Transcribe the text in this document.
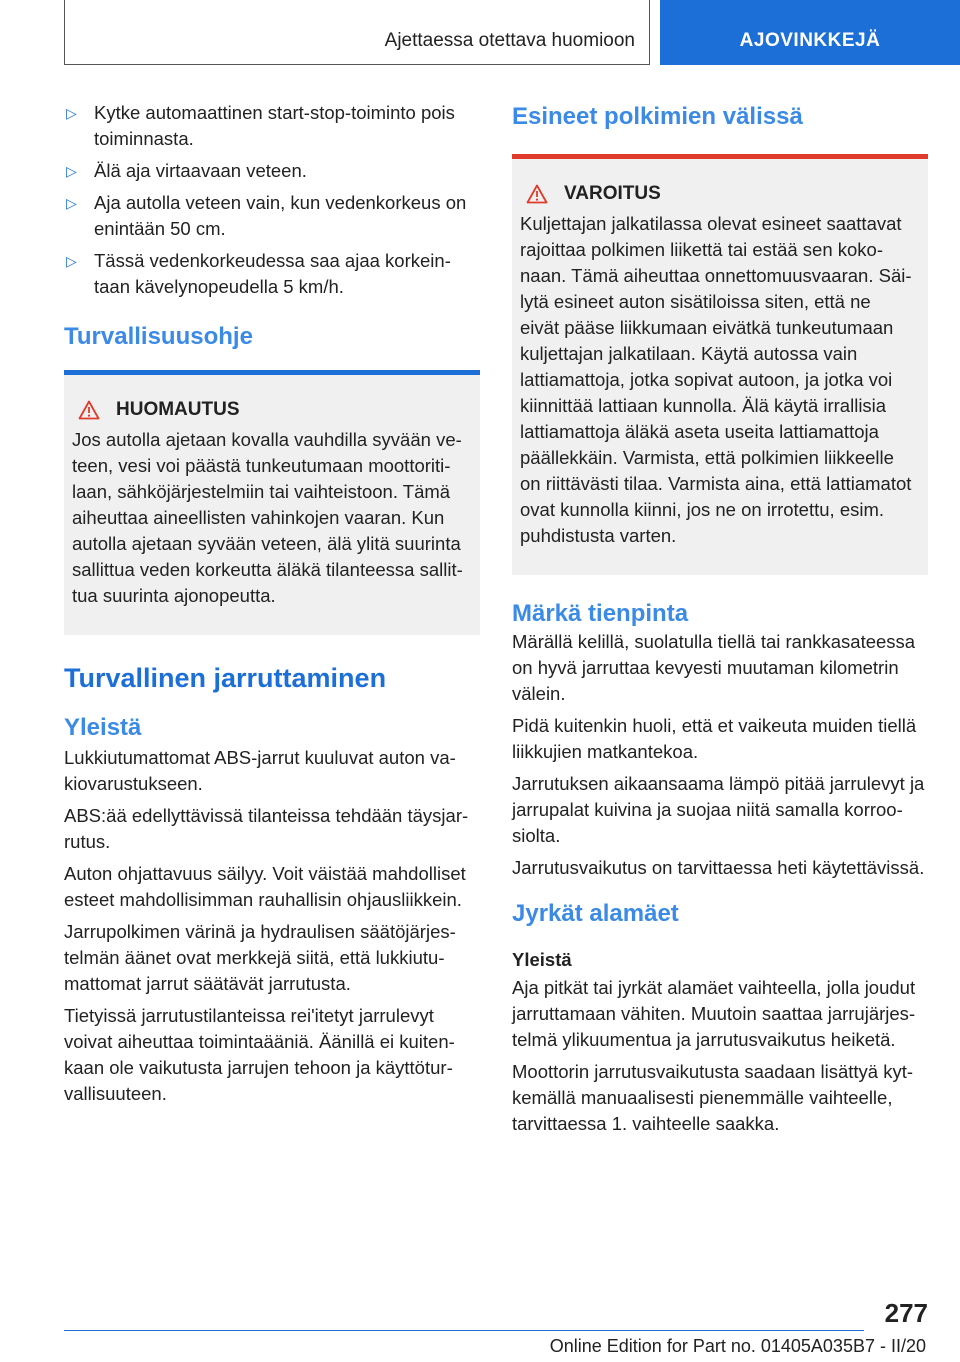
Ajettaessa otettava huomioon	AJOVINKKEJÄ
▷ Kytke automaattinen start-stop-toiminto pois toiminnasta.
▷ Älä aja virtaavaan veteen.
▷ Aja autolla veteen vain, kun vedenkorkeus on enintään 50 cm.
▷ Tässä vedenkorkeudessa saa ajaa korkeintaan kävelynopeudella 5 km/h.
Turvallisuusohje
HUOMAUTUS
Jos autolla ajetaan kovalla vauhdilla syvään veteen, vesi voi päästä tunkeutumaan moottoritilaan, sähköjärjestelmiin tai vaihteistoon. Tämä aiheuttaa aineellisten vahinkojen vaaran. Kun autolla ajetaan syvään veteen, älä ylitä suurinta sallittua veden korkeutta äläkä tilanteessa sallittua suurinta ajonopeutta.
Turvallinen jarruttaminen
Yleistä

Lukkiutumattomat ABS-jarrut kuuluvat auton vakiovarustukseen.

ABS:ää edellyttävissä tilanteissa tehdään täysjarrutus.

Auton ohjattavuus säilyy. Voit väistää mahdolliset esteet mahdollisimman rauhallisin ohjausliikkein.

Jarrupolkimen värinä ja hydraulisen säätöjärjestelmän äänet ovat merkkejä siitä, että lukkiutumattomat jarrut säätävät jarrutusta.

Tietyissä jarrutustilanteissa rei'itetyt jarrulevyt voivat aiheuttaa toimintaääniä. Äänillä ei kuitenkaan ole vaikutusta jarrujen tehoon ja käyttöturvallisuuteen.

Esineet polkimien välissä
VAROITUS
Kuljettajan jalkatilassa olevat esineet saattavat rajoittaa polkimen liikettä tai estää sen kokonaan. Tämä aiheuttaa onnettomuusvaaran. Säilytä esineet auton sisätiloissa siten, että ne eivät pääse liikkumaan eivätkä tunkeutumaan kuljettajan jalkatilaan. Käytä autossa vain lattiamattoja, jotka sopivat autoon, ja jotka voi kiinnittää lattiaan kunnolla. Älä käytä irrallisia lattiamattoja äläkä aseta useita lattiamattoja päällekkäin. Varmista, että polkimien liikkeelle on riittävästi tilaa. Varmista aina, että lattiamatot ovat kunnolla kiinni, jos ne on irrotettu, esim. puhdistusta varten.
Märkä tienpinta

Märällä kelillä, suolatulla tiellä tai rankkasateessa on hyvä jarruttaa kevyesti muutaman kilometrin välein.

Pidä kuitenkin huoli, että et vaikeuta muiden tiellä liikkujien matkantekoa.

Jarrutuksen aikaansaama lämpö pitää jarrulevyt ja jarrupalat kuivina ja suojaa niitä samalla korroosiolta.

Jarrutusvaikutus on tarvittaessa heti käytettävissä.

Jyrkät alamäet
Yleistä

Aja pitkät tai jyrkät alamäet vaihteella, jolla joudut jarruttamaan vähiten. Muutoin saattaa jarrujärjestelmä ylikuumentua ja jarrutusvaikutus heiketä.

Moottorin jarrutusvaikutusta saadaan lisättyä kytkemällä manuaalisesti pienemmälle vaihteelle, tarvittaessa 1. vaihteelle saakka.

277
Online Edition for Part no. 01405A035B7 - II/20
